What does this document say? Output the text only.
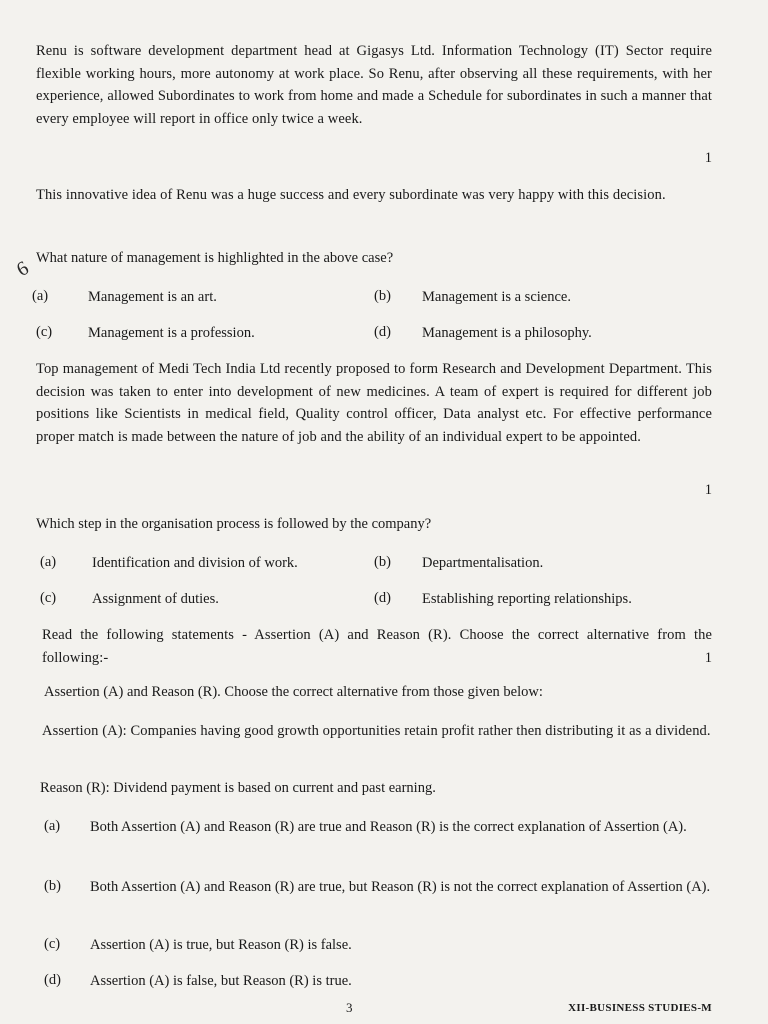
Renu is software development department head at Gigasys Ltd. Information Technology (IT) Sector require flexible working hours, more autonomy at work place. So Renu, after observing all these requirements, with her experience, allowed Subordinates to work from home and made a Schedule for subordinates in such a manner that every employee will report in office only twice a week.
1
This innovative idea of Renu was a huge success and every subordinate was very happy with this decision.
What nature of management is highlighted in the above case?
6
(a)	Management is an art.	(b) Management is a science.
(c) Management is a profession.	(d) Management is a philosophy.
Top management of Medi Tech India Ltd recently proposed to form Research and Development Department. This decision was taken to enter into development of new medicines. A team of expert is required for different job positions like Scientists in medical field, Quality control officer, Data analyst etc. For effective performance proper match is made between the nature of job and the ability of an individual expert to be appointed.
1
Which step in the organisation process is followed by the company?
(a) Identification and division of work.	(b) Departmentalisation.
(c) Assignment of duties.	(d) Establishing reporting relationships.
Read the following statements - Assertion (A) and Reason (R). Choose the correct alternative from the following:-	1
Assertion (A) and Reason (R). Choose the correct alternative from those given below:
Assertion (A): Companies having good growth opportunities retain profit rather then distributing it as a dividend.
Reason (R): Dividend payment is based on current and past earning.
(a) Both Assertion (A) and Reason (R) are true and Reason (R) is the correct explanation of Assertion (A).
(b) Both Assertion (A) and Reason (R) are true, but Reason (R) is not the correct explanation of Assertion (A).
(c) Assertion (A) is true, but Reason (R) is false.
(d) Assertion (A) is false, but Reason (R) is true.
3	XII-BUSINESS STUDIES-M
